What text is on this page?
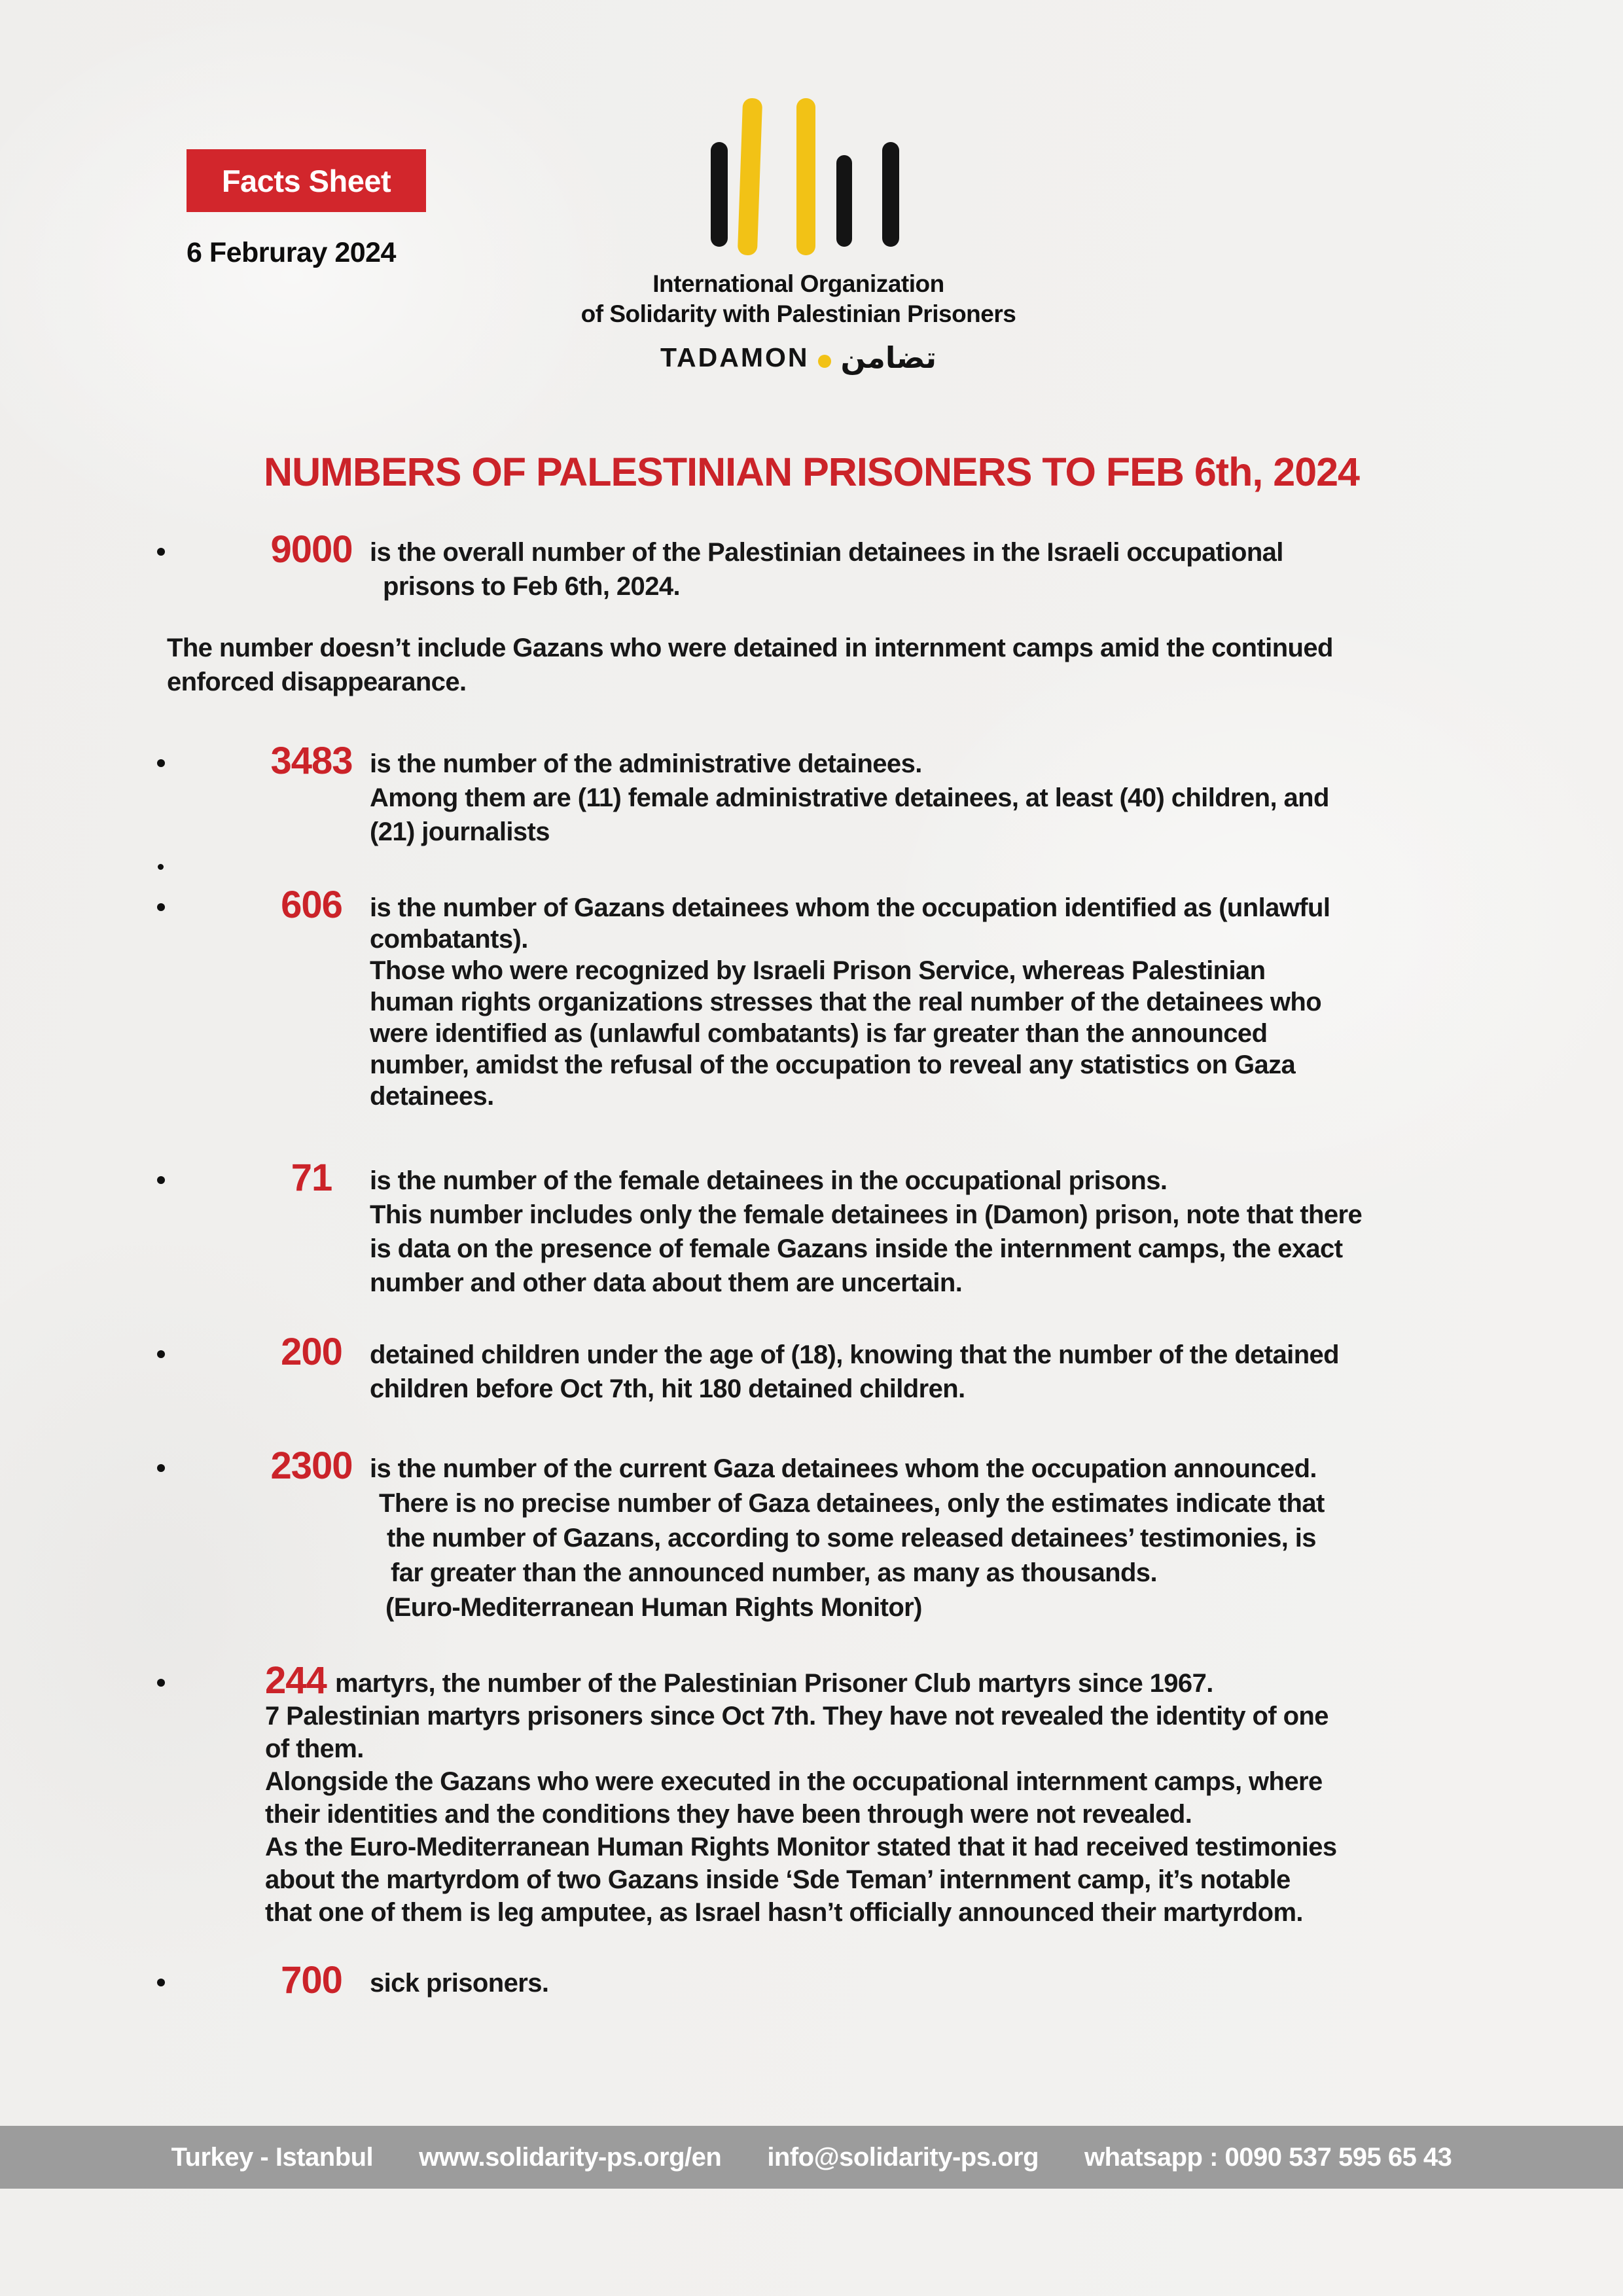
Facts Sheet
6 Februray 2024
International Organization
of Solidarity with Palestinian Prisoners
TADAMON تضامن
NUMBERS OF PALESTINIAN PRISONERS TO FEB 6th, 2024
The number doesn’t include Gazans who were detained in internment camps amid the continued
enforced disappearance.
9000 is the overall number of the Palestinian detainees in the Israeli occupational
prisons to Feb 6th, 2024.
3483 is the number of the administrative detainees.
Among them are (11) female administrative detainees, at least (40) children, and
(21) journalists
606	is the number of Gazans detainees whom the occupation identified as (unlawful
combatants).
Those who were recognized by Israeli Prison Service, whereas Palestinian
human rights organizations stresses that the real number of the detainees who
were identified as (unlawful combatants) is far greater than the announced
number, amidst the refusal of the occupation to reveal any statistics on Gaza
detainees.
71	is the number of the female detainees in the occupational prisons.
This number includes only the female detainees in (Damon) prison, note that there
is data on the presence of female Gazans inside the internment camps, the exact
number and other data about them are uncertain.
200	detained children under the age of (18), knowing that the number of the detained
children before Oct 7th, hit 180 detained children.
2300 is the number of the current Gaza detainees whom the occupation announced.
There is no precise number of Gaza detainees, only the estimates indicate that
the number of Gazans, according to some released detainees’ testimonies, is
far greater than the announced number, as many as thousands.
(Euro-Mediterranean Human Rights Monitor)
244 martyrs, the number of the Palestinian Prisoner Club martyrs since 1967.
7 Palestinian martyrs prisoners since Oct 7th. They have not revealed the identity of one
of them.
Alongside the Gazans who were executed in the occupational internment camps, where
their identities and the conditions they have been through were not revealed.
As the Euro-Mediterranean Human Rights Monitor stated that it had received testimonies
about the martyrdom of two Gazans inside ‘Sde Teman’ internment camp, it’s notable
that one of them is leg amputee, as Israel hasn’t officially announced their martyrdom.
700	sick prisoners.
Turkey - Istanbul www.solidarity-ps.org/en info@solidarity-ps.org whatsapp : 0090 537 595 65 43
